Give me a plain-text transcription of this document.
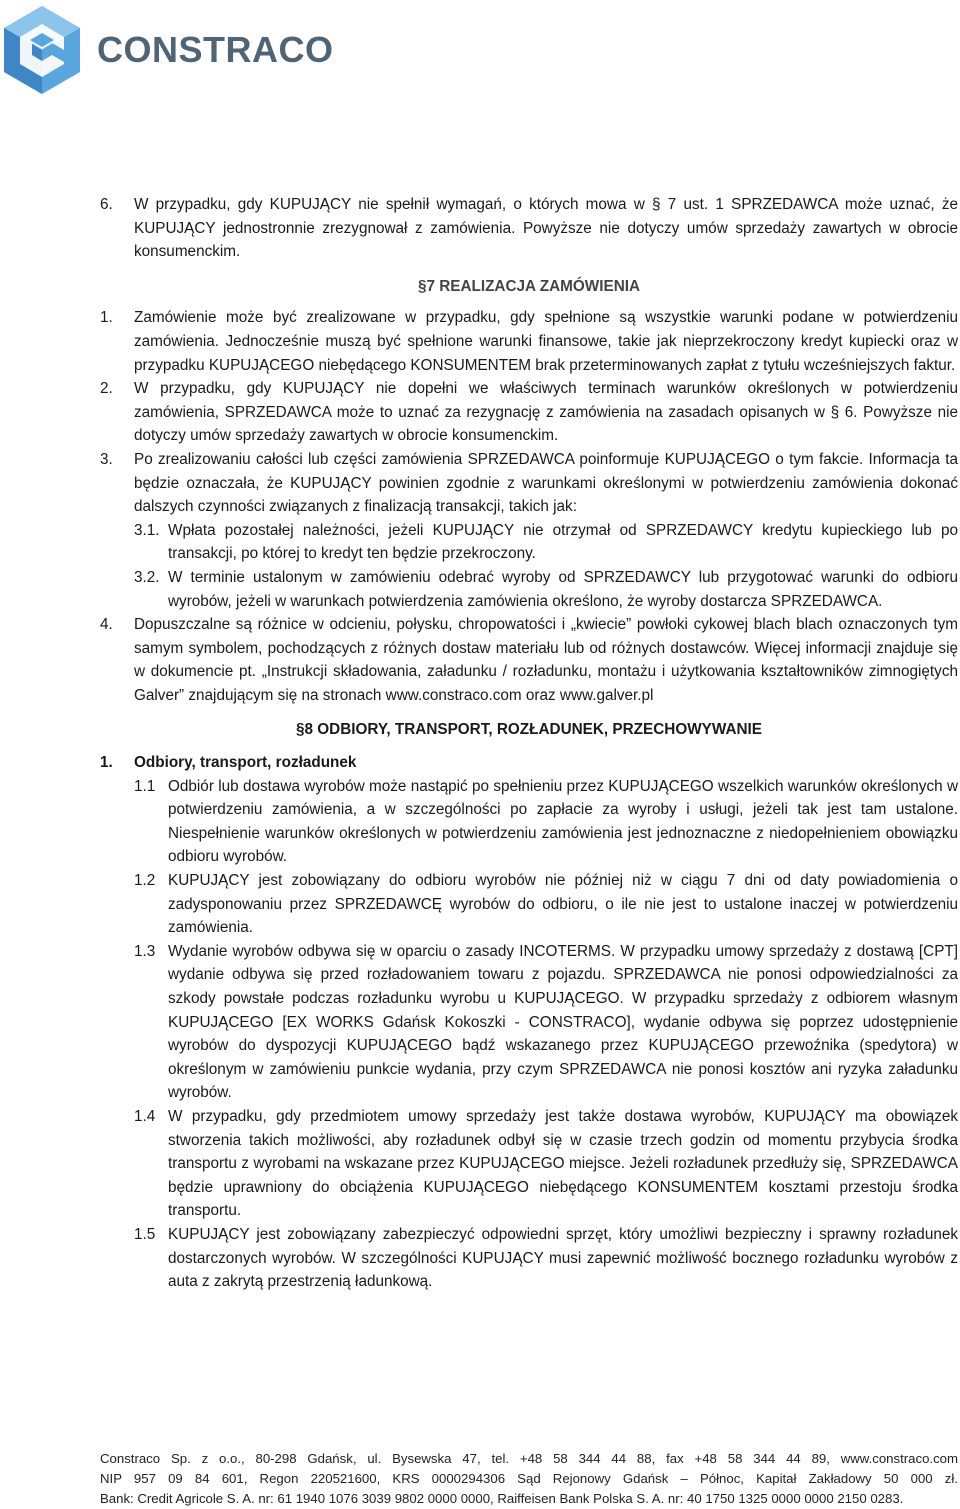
CONSTRACO

6. W przypadku, gdy KUPUJĄCY nie spełnił wymagań, o których mowa w § 7 ust. 1 SPRZEDAWCA może uznać, że KUPUJĄCY jednostronnie zrezygnował z zamówienia. Powyższe nie dotyczy umów sprzedaży zawartych w obrocie konsumenckim.

§7 REALIZACJA ZAMÓWIENIA

1. Zamówienie może być zrealizowane w przypadku, gdy spełnione są wszystkie warunki podane w potwierdzeniu zamówienia. Jednocześnie muszą być spełnione warunki finansowe, takie jak nieprzekroczony kredyt kupiecki oraz w przypadku KUPUJĄCEGO niebędącego KONSUMENTEM brak przeterminowanych zapłat z tytułu wcześniejszych faktur.

2. W przypadku, gdy KUPUJĄCY nie dopełni we właściwych terminach warunków określonych w potwierdzeniu zamówienia, SPRZEDAWCA może to uznać za rezygnację z zamówienia na zasadach opisanych w § 6. Powyższe nie dotyczy umów sprzedaży zawartych w obrocie konsumenckim.

3. Po zrealizowaniu całości lub części zamówienia SPRZEDAWCA poinformuje KUPUJĄCEGO o tym fakcie. Informacja ta będzie oznaczała, że KUPUJĄCY powinien zgodnie z warunkami określonymi w potwierdzeniu zamówienia dokonać dalszych czynności związanych z finalizacją transakcji, takich jak:

3.1. Wpłata pozostałej należności, jeżeli KUPUJĄCY nie otrzymał od SPRZEDAWCY kredytu kupieckiego lub po transakcji, po której to kredyt ten będzie przekroczony.

3.2. W terminie ustalonym w zamówieniu odebrać wyroby od SPRZEDAWCY lub przygotować warunki do odbioru wyrobów, jeżeli w warunkach potwierdzenia zamówienia określono, że wyroby dostarcza SPRZEDAWCA.

4. Dopuszczalne są różnice w odcieniu, połysku, chropowatości i „kwiecie” powłoki cykowej blach blach oznaczonych tym samym symbolem, pochodzących z różnych dostaw materiału lub od różnych dostawców. Więcej informacji znajduje się w dokumencie pt. „Instrukcji składowania, załadunku / rozładunku, montażu i użytkowania kształtowników zimnogiętych Galver” znajdującym się na stronach www.constraco.com oraz www.galver.pl

§8 ODBIORY, TRANSPORT, ROZŁADUNEK, PRZECHOWYWANIE

1. Odbiory, transport, rozładunek

1.1 Odbiór lub dostawa wyrobów może nastąpić po spełnieniu przez KUPUJĄCEGO wszelkich warunków określonych w potwierdzeniu zamówienia, a w szczególności po zapłacie za wyroby i usługi, jeżeli tak jest tam ustalone. Niespełnienie warunków określonych w potwierdzeniu zamówienia jest jednoznaczne z niedopełnieniem obowiązku odbioru wyrobów.

1.2 KUPUJĄCY jest zobowiązany do odbioru wyrobów nie później niż w ciągu 7 dni od daty powiadomienia o zadysponowaniu przez SPRZEDAWCĘ wyrobów do odbioru, o ile nie jest to ustalone inaczej w potwierdzeniu zamówienia.

1.3 Wydanie wyrobów odbywa się w oparciu o zasady INCOTERMS. W przypadku umowy sprzedaży z dostawą [CPT] wydanie odbywa się przed rozładowaniem towaru z pojazdu. SPRZEDAWCA nie ponosi odpowiedzialności za szkody powstałe podczas rozładunku wyrobu u KUPUJĄCEGO. W przypadku sprzedaży z odbiorem własnym KUPUJĄCEGO [EX WORKS Gdańsk Kokoszki - CONSTRACO], wydanie odbywa się poprzez udostępnienie wyrobów do dyspozycji KUPUJĄCEGO bądź wskazanego przez KUPUJĄCEGO przewoźnika (spedytora) w określonym w zamówieniu punkcie wydania, przy czym SPRZEDAWCA nie ponosi kosztów ani ryzyka załadunku wyrobów.

1.4 W przypadku, gdy przedmiotem umowy sprzedaży jest także dostawa wyrobów, KUPUJĄCY ma obowiązek stworzenia takich możliwości, aby rozładunek odbył się w czasie trzech godzin od momentu przybycia środka transportu z wyrobami na wskazane przez KUPUJĄCEGO miejsce. Jeżeli rozładunek przedłuży się, SPRZEDAWCA będzie uprawniony do obciążenia KUPUJĄCEGO niebędącego KONSUMENTEM kosztami przestoju środka transportu.

1.5 KUPUJĄCY jest zobowiązany zabezpieczyć odpowiedni sprzęt, który umożliwi bezpieczny i sprawny rozładunek dostarczonych wyrobów. W szczególności KUPUJĄCY musi zapewnić możliwość bocznego rozładunku wyrobów z auta z zakrytą przestrzenią ładunkową.

Constraco Sp. z o.o., 80-298 Gdańsk, ul. Bysewska 47, tel. +48 58 344 44 88, fax +48 58 344 44 89, www.constraco.com

NIP 957 09 84 601, Regon 220521600, KRS 0000294306 Sąd Rejonowy Gdańsk – Północ, Kapitał Zakładowy 50 000 zł.

Bank: Credit Agricole S. A. nr: 61 1940 1076 3039 9802 0000 0000, Raiffeisen Bank Polska S. A. nr: 40 1750 1325 0000 0000 2150 0283.
